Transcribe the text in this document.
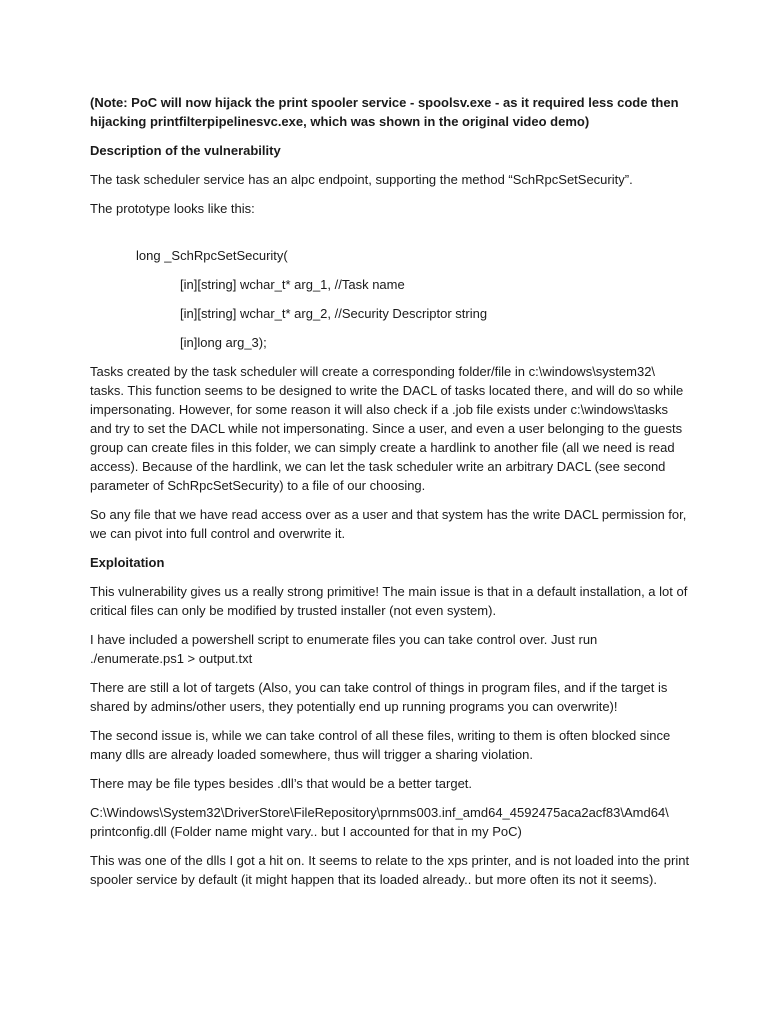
(Note: PoC will now hijack the print spooler service - spoolsv.exe - as it required less code then hijacking printfilterpipelinesvc.exe, which was shown in the original video demo)

Description of the vulnerability

The task scheduler service has an alpc endpoint, supporting the method “SchRpcSetSecurity”.

The prototype looks like this:

long _SchRpcSetSecurity(

[in][string] wchar_t* arg_1, //Task name

[in][string] wchar_t* arg_2, //Security Descriptor string

[in]long arg_3);

Tasks created by the task scheduler will create a corresponding folder/file in c:\windows\system32\ tasks. This function seems to be designed to write the DACL of tasks located there, and will do so while impersonating. However, for some reason it will also check if a .job file exists under c:\windows\tasks and try to set the DACL while not impersonating. Since a user, and even a user belonging to the guests group can create files in this folder, we can simply create a hardlink to another file (all we need is read access). Because of the hardlink, we can let the task scheduler write an arbitrary DACL (see second parameter of SchRpcSetSecurity) to a file of our choosing.

So any file that we have read access over as a user and that system has the write DACL permission for, we can pivot into full control and overwrite it.

Exploitation

This vulnerability gives us a really strong primitive! The main issue is that in a default installation, a lot of critical files can only be modified by trusted installer (not even system).

I have included a powershell script to enumerate files you can take control over. Just run ./enumerate.ps1 > output.txt

There are still a lot of targets (Also, you can take control of things in program files, and if the target is shared by admins/other users, they potentially end up running programs you can overwrite)!

The second issue is, while we can take control of all these files, writing to them is often blocked since many dlls are already loaded somewhere, thus will trigger a sharing violation.

There may be file types besides .dll’s that would be a better target.

C:\Windows\System32\DriverStore\FileRepository\prnms003.inf_amd64_4592475aca2acf83\Amd64\ printconfig.dll (Folder name might vary.. but I accounted for that in my PoC)

This was one of the dlls I got a hit on. It seems to relate to the xps printer, and is not loaded into the print spooler service by default (it might happen that its loaded already.. but more often its not it seems).
